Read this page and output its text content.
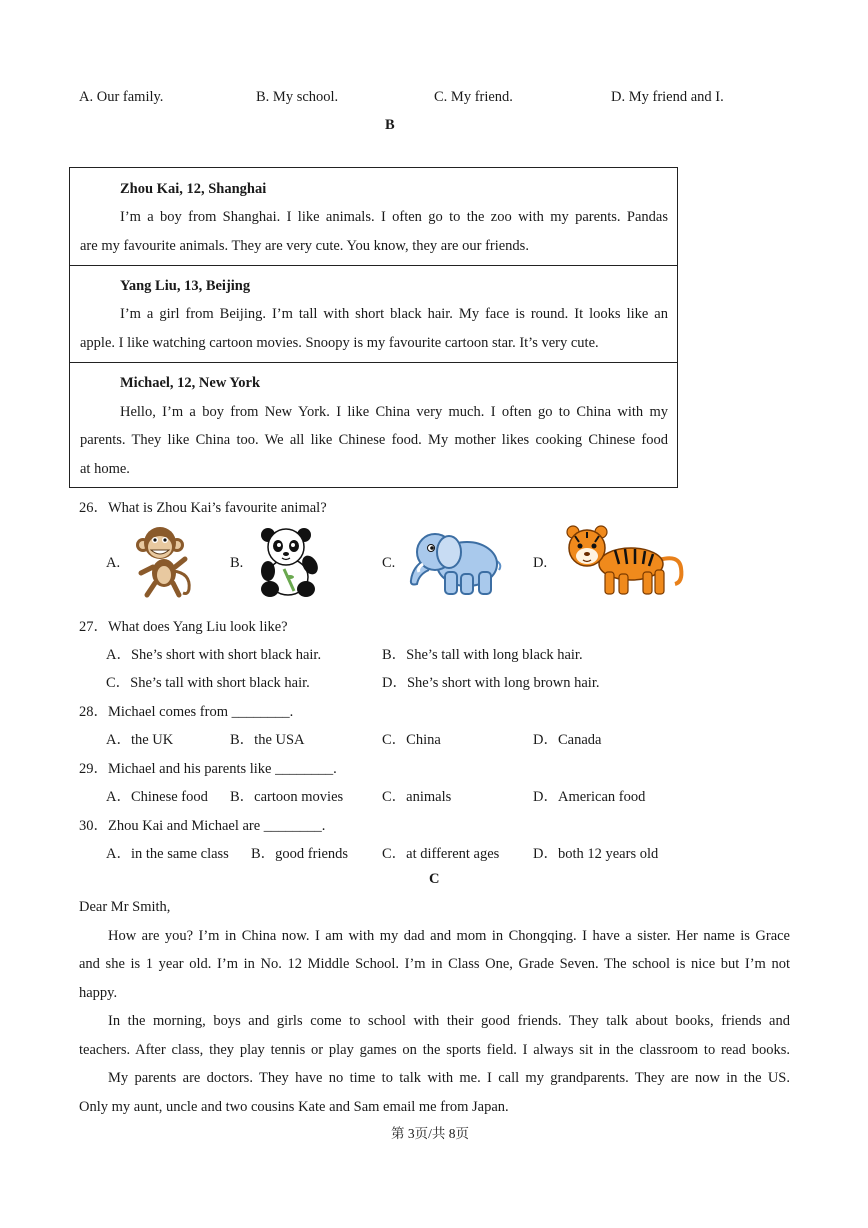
A. Our family.	B. My school.	C. My friend.	D. My friend and I.
B
Zhou Kai, 12, Shanghai
I’m a boy from Shanghai. I like animals. I often go to the zoo with my parents. Pandas
are my favourite animals. They are very cute. You know, they are our friends.
Yang Liu, 13, Beijing
I’m a girl from Beijing. I’m tall with short black hair. My face is round. It looks like an
apple. I like watching cartoon movies. Snoopy is my favourite cartoon star. It’s very cute.
Michael, 12, New York
Hello, I’m a boy from New York. I like China very much. I often go to China with my
parents. They like China too. We all like Chinese food. My mother likes cooking Chinese food
at home.
26．What is Zhou Kai’s favourite animal?
A.	B.	C.	D.
27．What does Yang Liu look like?
A．She’s short with short black hair.	B．She’s tall with long black hair.
C．She’s tall with short black hair.	D．She’s short with long brown hair.
28．Michael comes from ________.
A．the UK	B．the USA	C．China	D．Canada
29．Michael and his parents like ________.
A．Chinese food B．cartoon movies	C．animals	D．American food
30．Zhou Kai and Michael are ________.
A．in the same class B．good friends C．at different ages D．both 12 years old
C
Dear Mr Smith,
How are you? I’m in China now. I am with my dad and mom in Chongqing. I have a sister. Her name is Grace
and she is 1 year old. I’m in No. 12 Middle School. I’m in Class One, Grade Seven. The school is nice but I’m not
happy.
In the morning, boys and girls come to school with their good friends. They talk about books, friends and
teachers. After class, they play tennis or play games on the sports field. I always sit in the classroom to read books.
My parents are doctors. They have no time to talk with me. I call my grandparents. They are now in the US.
Only my aunt, uncle and two cousins Kate and Sam email me from Japan.
第 3页/共 8页
